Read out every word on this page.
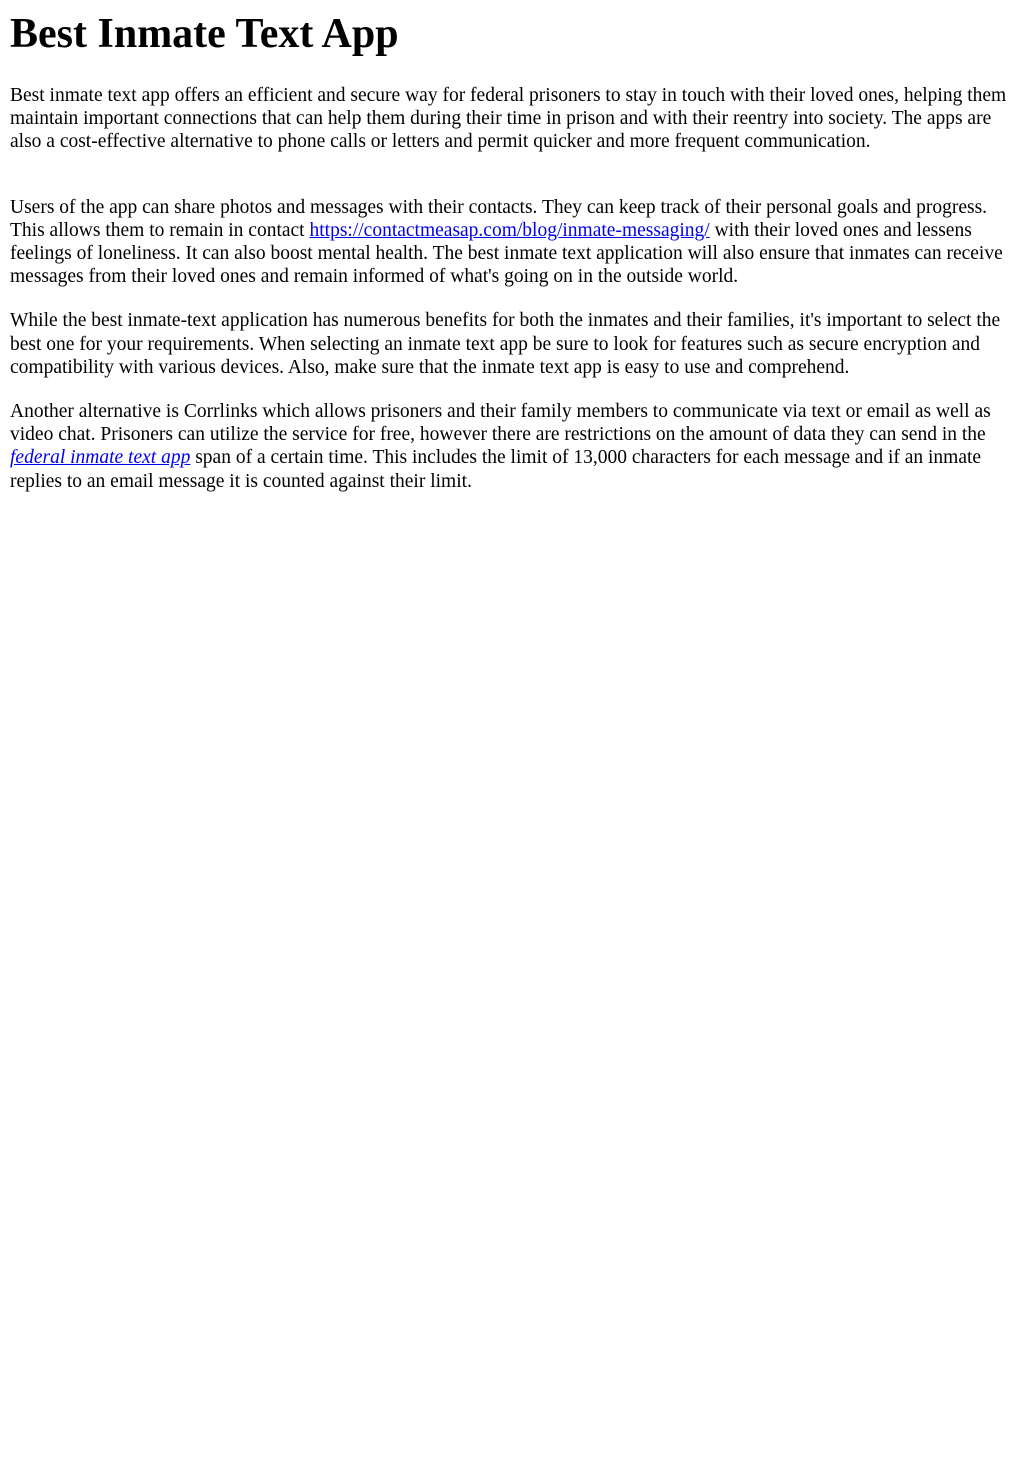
Best Inmate Text App

Best inmate text app offers an efficient and secure way for federal prisoners to stay in touch with their loved ones, helping them maintain important connections that can help them during their time in prison and with their reentry into society. The apps are also a cost-effective alternative to phone calls or letters and permit quicker and more frequent communication.

Users of the app can share photos and messages with their contacts. They can keep track of their personal goals and progress. This allows them to remain in contact https://contactmeasap.com/blog/inmate-messaging/ with their loved ones and lessens feelings of loneliness. It can also boost mental health. The best inmate text application will also ensure that inmates can receive messages from their loved ones and remain informed of what's going on in the outside world.

While the best inmate-text application has numerous benefits for both the inmates and their families, it's important to select the best one for your requirements. When selecting an inmate text app be sure to look for features such as secure encryption and compatibility with various devices. Also, make sure that the inmate text app is easy to use and comprehend.

Another alternative is Corrlinks which allows prisoners and their family members to communicate via text or email as well as video chat. Prisoners can utilize the service for free, however there are restrictions on the amount of data they can send in the federal inmate text app span of a certain time. This includes the limit of 13,000 characters for each message and if an inmate replies to an email message it is counted against their limit.
